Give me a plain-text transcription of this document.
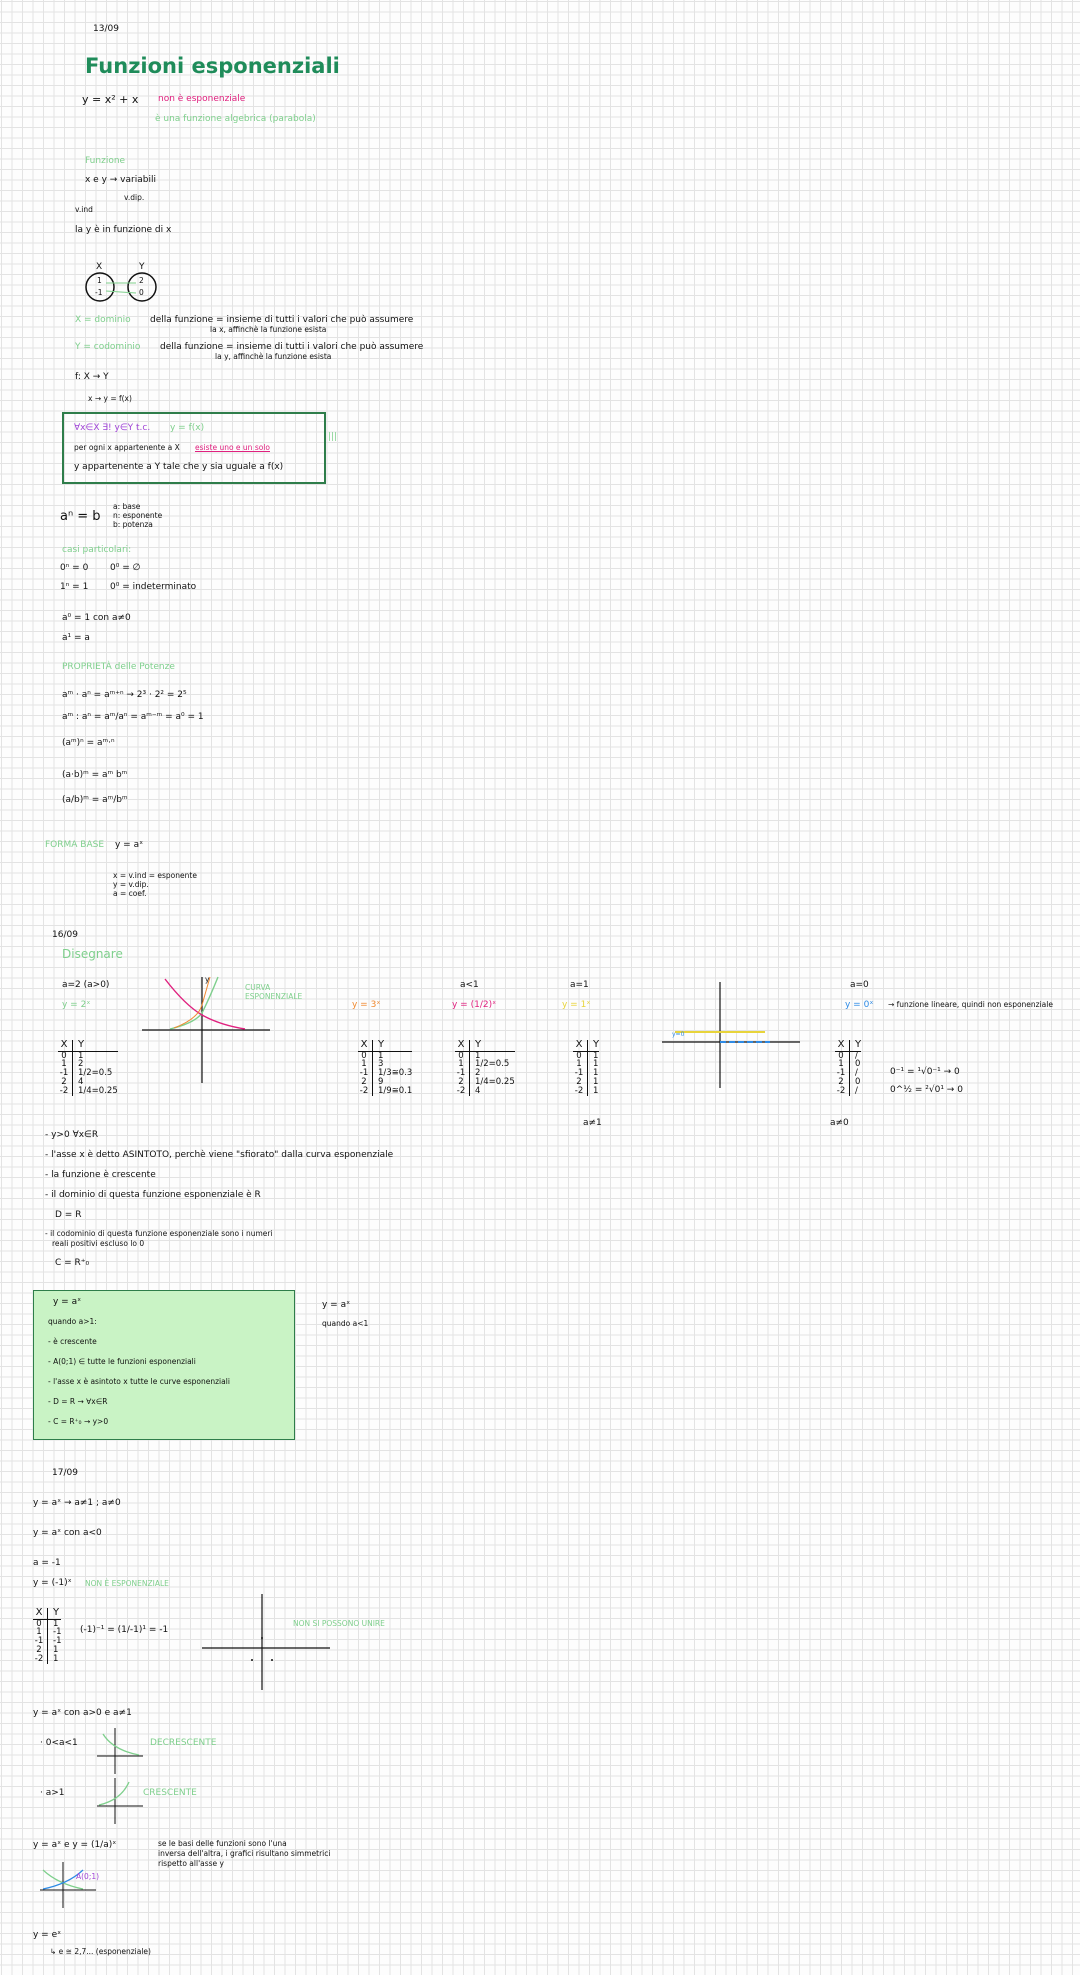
13/09
Funzioni esponenziali
y = x² + x non è esponenziale
è una funzione algebrica (parabola)
Funzione
x e y → variabili
v.dip.
v.ind
la y è in funzione di x
X	Y
1
-1
2
0
X = dominio della funzione = insieme di tutti i valori che può assumere
la x, affinchè la funzione esista
Y = codominio della funzione = insieme di tutti i valori che può assumere
la y, affinchè la funzione esista
f: X → Y
x → y = f(x)
∀x∈X ∃! y∈Y t.c. y = f(x)
per ogni x appartenente a X esiste uno e un solo
y appartenente a Y tale che y sia uguale a f(x)
|||
aⁿ = b
a: base
n: esponente
b: potenza
casi particolari:
0ⁿ = 0 0⁰ = ∅
1ⁿ = 1 0⁰ = indeterminato
a⁰ = 1 con a≠0
a¹ = a
PROPRIETÀ delle Potenze
aᵐ · aⁿ = aᵐ⁺ⁿ → 2³ · 2² = 2⁵
aᵐ : aⁿ = aᵐ/aⁿ = aᵐ⁻ᵐ = a⁰ = 1
(aᵐ)ⁿ = aᵐ·ⁿ
(a·b)ᵐ = aᵐ bᵐ
(a/b)ᵐ = aᵐ/bᵐ
FORMA BASE y = aˣ
x = v.ind = esponente
y = v.dip.
a = coef.
16/09
Disegnare
a=2 (a>0)
y = 2ˣ
y
CURVA ESPONENZIALE
X	Y
0	1
1	2
-1	1/2=0.5
2	4
-2	1/4=0.25
y = 3ˣ
X	Y
0	1
1	3
-1	1/3≅0.3
2	9
-2	1/9≅0.1
a<1
y = (1/2)ˣ
X	Y
0	1
1	1/2=0.5
-1	2
2	1/4=0.25
-2	4
a=1
y = 1ˣ
X	Y
0	1
1	1
-1	1
2	1
-2	1
a≠1
y=0
a=0
y = 0ˣ → funzione lineare, quindi non esponenziale
X	Y
0	/
1	0
-1	/
2	0
-2	/
0⁻¹ = ¹√0⁻¹ → 0
0^½ = ²√0¹ → 0
a≠0
- y>0 ∀x∈R
- l'asse x è detto ASINTOTO, perchè viene "sfiorato" dalla curva esponenziale
- la funzione è crescente
- il dominio di questa funzione esponenziale è R
D = R
- il codominio di questa funzione esponenziale sono i numeri
reali positivi escluso lo 0
C = R⁺₀
y = aˣ
quando a>1:
- è crescente
- A(0;1) ∈ tutte le funzioni esponenziali
- l'asse x è asintoto x tutte le curve esponenziali
- D = R → ∀x∈R
- C = R⁺₀ → y>0
y = aˣ
quando a<1
17/09
y = aˣ → a≠1 ; a≠0
y = aˣ con a<0
a = -1
y = (-1)ˣ NON È ESPONENZIALE
X	Y
0	1
1	-1
-1	-1
2	1
-2	1
(-1)⁻¹ = (1/-1)¹ = -1
NON SI POSSONO UNIRE
y = aˣ con a>0 e a≠1
· 0<a<1	DECRESCENTE
· a>1	CRESCENTE
y = aˣ e y = (1/a)ˣ	se le basi delle funzioni sono l'una
inversa dell'altra, i grafici risultano simmetrici
rispetto all'asse y
A(0;1)
y = eˣ
↳ e ≅ 2,7... (esponenziale)
